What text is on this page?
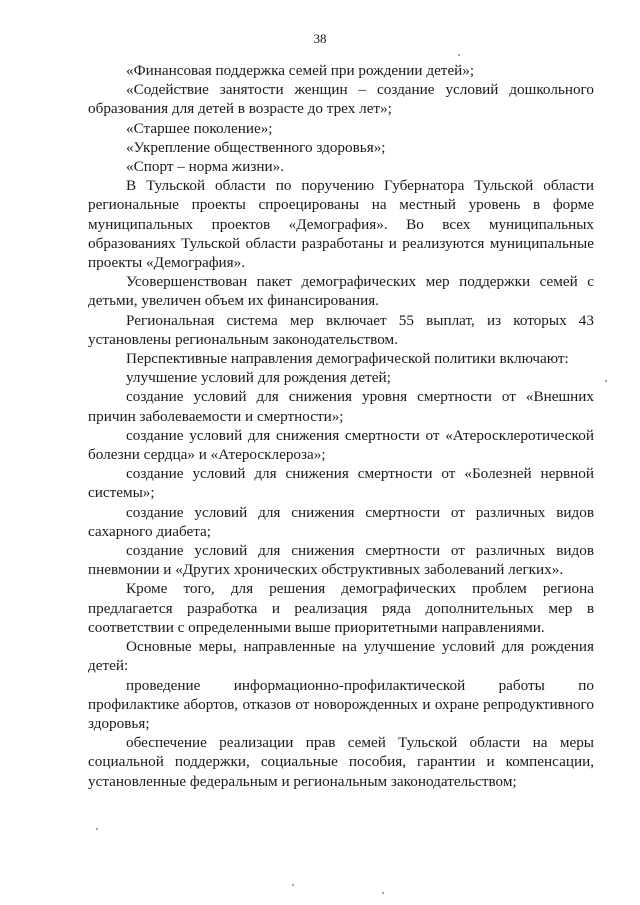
38

«Финансовая поддержка семей при рождении детей»;

«Содействие занятости женщин – создание условий дошкольного образования для детей в возрасте до трех лет»;

«Старшее поколение»;

«Укрепление общественного здоровья»;

«Спорт – норма жизни».

В Тульской области по поручению Губернатора Тульской области региональные проекты спроецированы на местный уровень в форме муниципальных проектов «Демография». Во всех муниципальных образованиях Тульской области разработаны и реализуются муниципальные проекты «Демография».

Усовершенствован пакет демографических мер поддержки семей с детьми, увеличен объем их финансирования.

Региональная система мер включает 55 выплат, из которых 43 установлены региональным законодательством.

Перспективные направления демографической политики включают:

улучшение условий для рождения детей;

создание условий для снижения уровня смертности от «Внешних причин заболеваемости и смертности»;

создание условий для снижения смертности от «Атеросклеротической болезни сердца» и «Атеросклероза»;

создание условий для снижения смертности от «Болезней нервной системы»;

создание условий для снижения смертности от различных видов сахарного диабета;

создание условий для снижения смертности от различных видов пневмонии и «Других хронических обструктивных заболеваний легких».

Кроме того, для решения демографических проблем региона предлагается разработка и реализация ряда дополнительных мер в соответствии с определенными выше приоритетными направлениями.

Основные меры, направленные на улучшение условий для рождения детей:

проведение информационно-профилактической работы по профилактике абортов, отказов от новорожденных и охране репродуктивного здоровья;

обеспечение реализации прав семей Тульской области на меры социальной поддержки, социальные пособия, гарантии и компенсации, установленные федеральным и региональным законодательством;
